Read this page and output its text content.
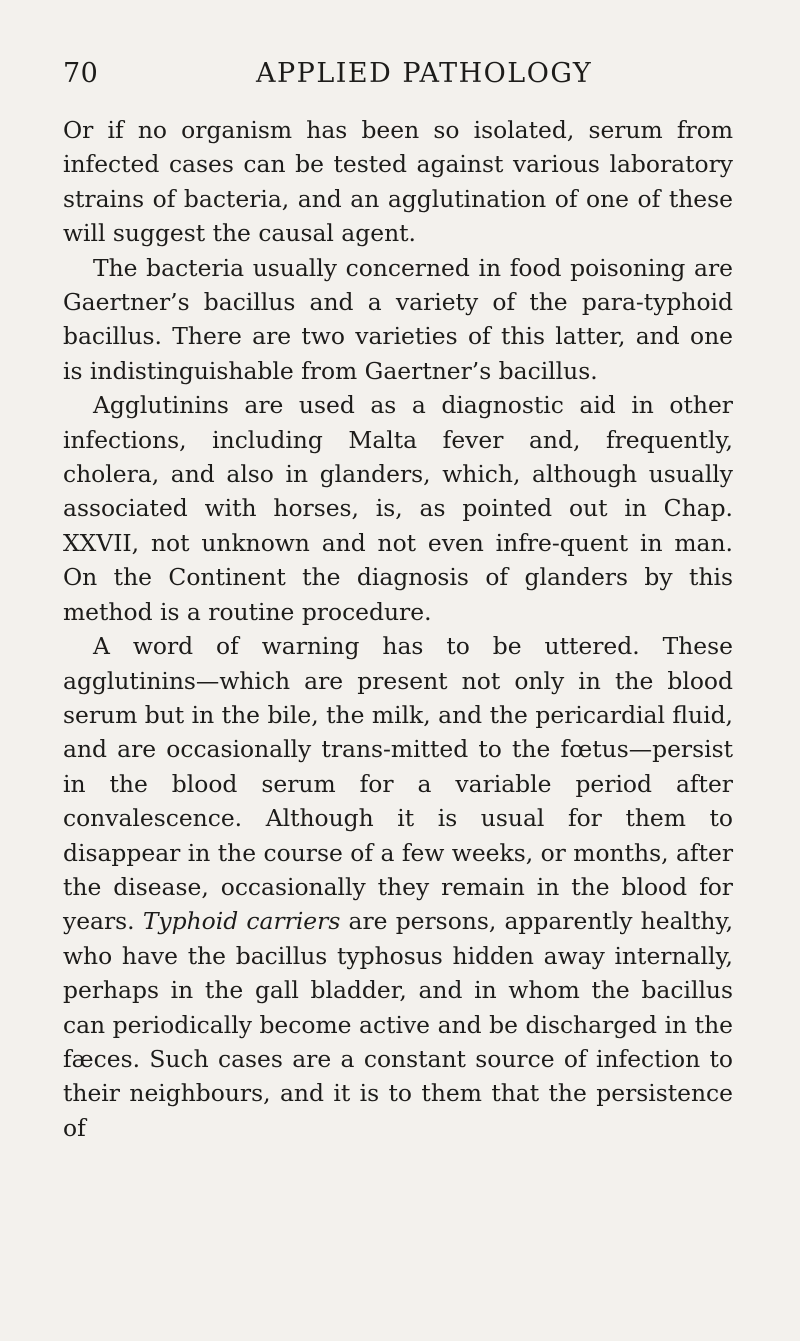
70	APPLIED PATHOLOGY

Or if no organism has been so isolated, serum from infected cases can be tested against various laboratory strains of bacteria, and an agglutination of one of these will suggest the causal agent.

The bacteria usually concerned in food poisoning are Gaertner’s bacillus and a variety of the para-typhoid bacillus. There are two varieties of this latter, and one is indistinguishable from Gaertner’s bacillus.

Agglutinins are used as a diagnostic aid in other infections, including Malta fever and, frequently, cholera, and also in glanders, which, although usually associated with horses, is, as pointed out in Chap. XXVII, not unknown and not even infre-quent in man. On the Continent the diagnosis of glanders by this method is a routine procedure.

A word of warning has to be uttered. These agglutinins—which are present not only in the blood serum but in the bile, the milk, and the pericardial fluid, and are occasionally trans-mitted to the fœtus—persist in the blood serum for a variable period after convalescence. Although it is usual for them to disappear in the course of a few weeks, or months, after the disease, occasionally they remain in the blood for years. Typhoid carriers are persons, apparently healthy, who have the bacillus typhosus hidden away internally, perhaps in the gall bladder, and in whom the bacillus can periodically become active and be discharged in the fæces. Such cases are a constant source of infection to their neighbours, and it is to them that the persistence of
